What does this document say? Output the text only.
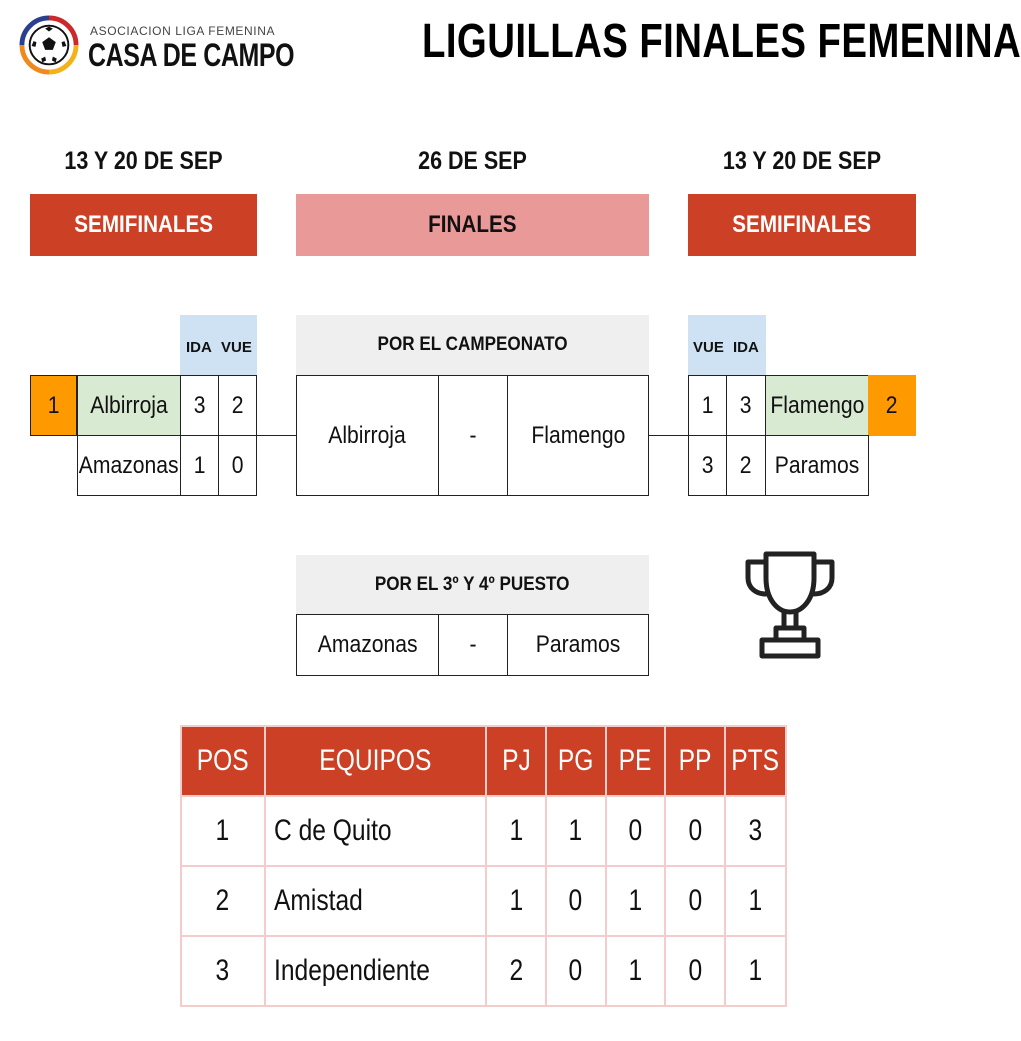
ASOCIACION LIGA FEMENINA
CASA DE CAMPO	LIGUILLAS FINALES FEMENINA
13 Y 20 DE SEP	26 DE SEP	13 Y 20 DE SEP
SEMIFINALES	FINALES	SEMIFINALES
IDA VUE
1 Albirroja 3 2
Amazonas 1 0
POR EL CAMPEONATO
Albirroja	- Flamengo
VUE IDA
1 3 Flamengo 2
3 2 Paramos
POR EL 3º Y 4º PUESTO
Amazonas - Paramos
POS	EQUIPOS	PJ	PG	PE	PP	PTS
1	C de Quito	1	1	0	0	3
2	Amistad	1	0	1	0	1
3	Independiente	2	0	1	0	1
